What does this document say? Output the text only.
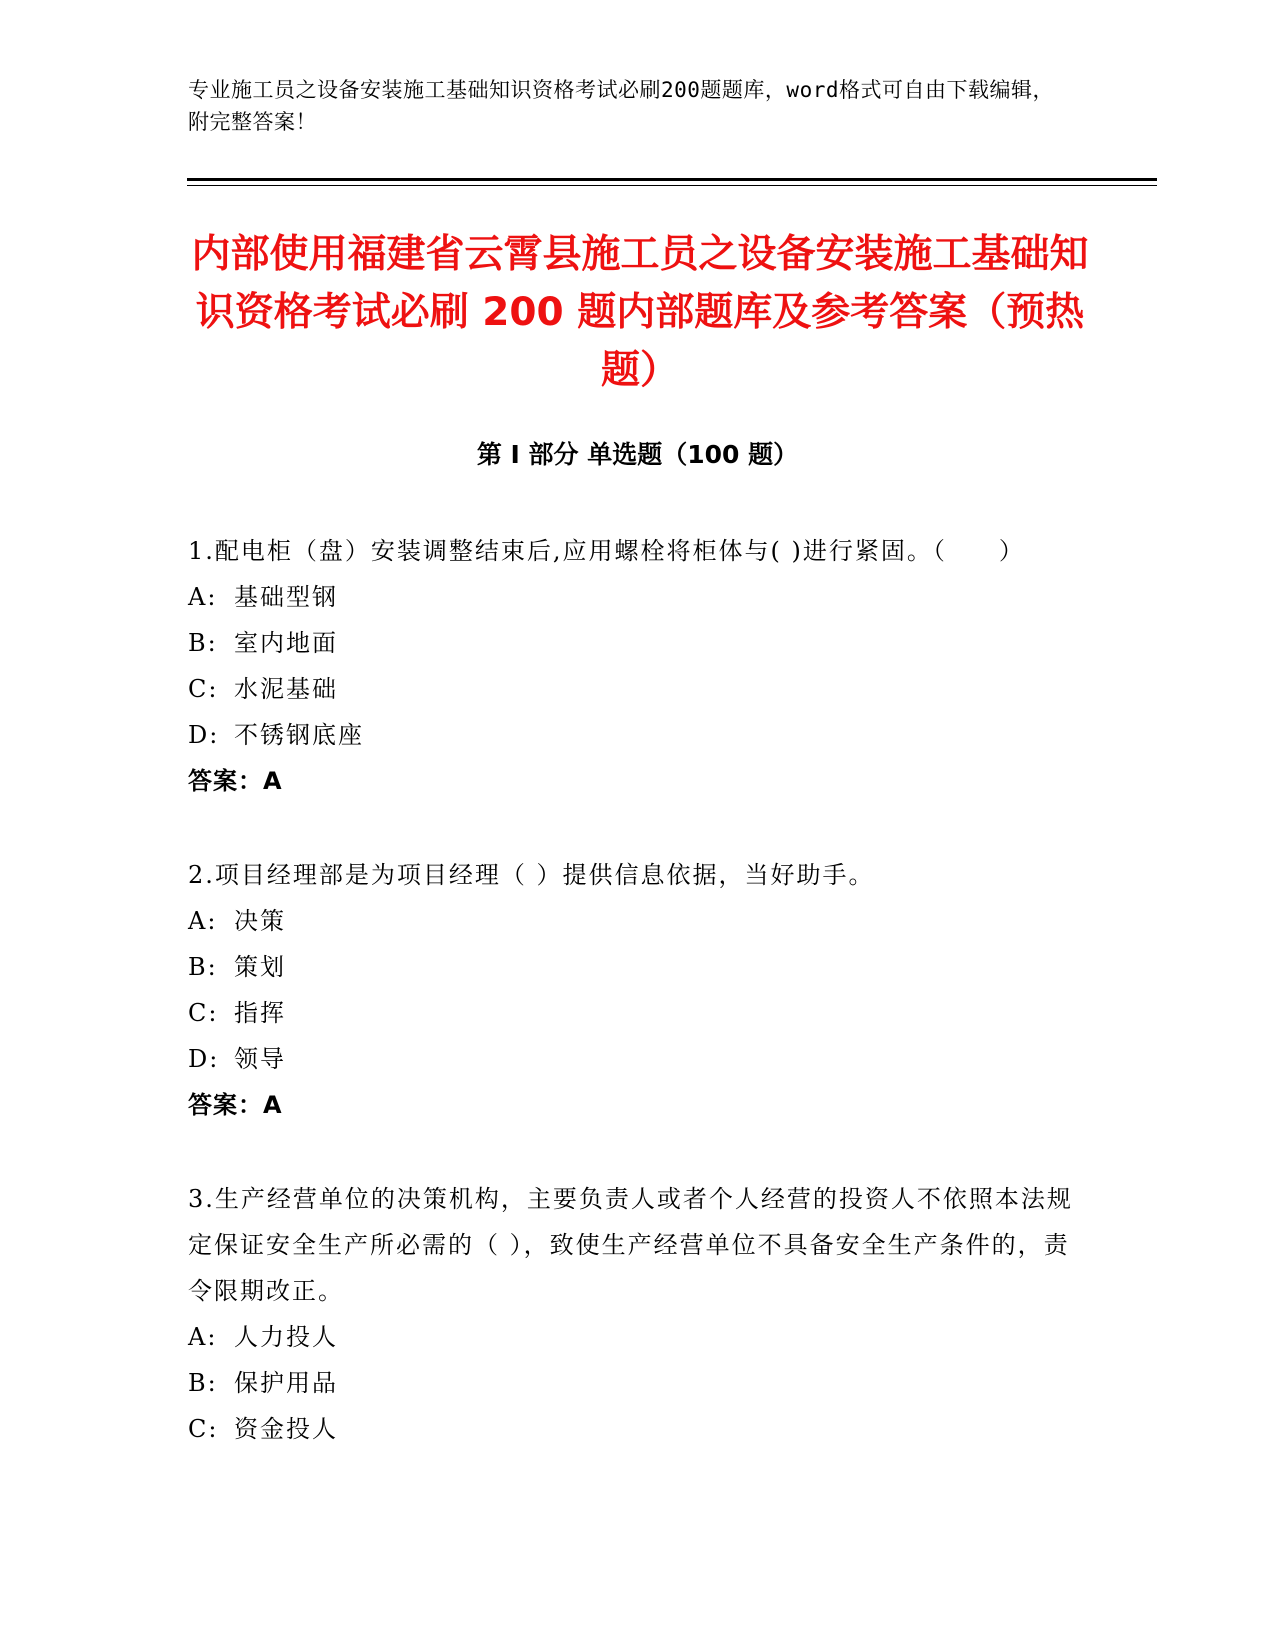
专业施工员之设备安装施工基础知识资格考试必刷200题题库，word格式可自由下载编辑，附完整答案！
内部使用福建省云霄县施工员之设备安装施工基础知识资格考试必刷 200 题内部题库及参考答案（预热题）
第 I 部分 单选题（100 题）

1.配电柜（盘）安装调整结束后,应用螺栓将柜体与( )进行紧固。（　　）

A: 基础型钢

B: 室内地面

C: 水泥基础

D: 不锈钢底座

答案：A

2.项目经理部是为项目经理（ ）提供信息依据，当好助手。

A: 决策

B: 策划

C: 指挥

D: 领导

答案：A

3.生产经营单位的决策机构，主要负责人或者个人经营的投资人不依照本法规定保证安全生产所必需的（ ），致使生产经营单位不具备安全生产条件的，责令限期改正。

A: 人力投人

B: 保护用品

C: 资金投人
